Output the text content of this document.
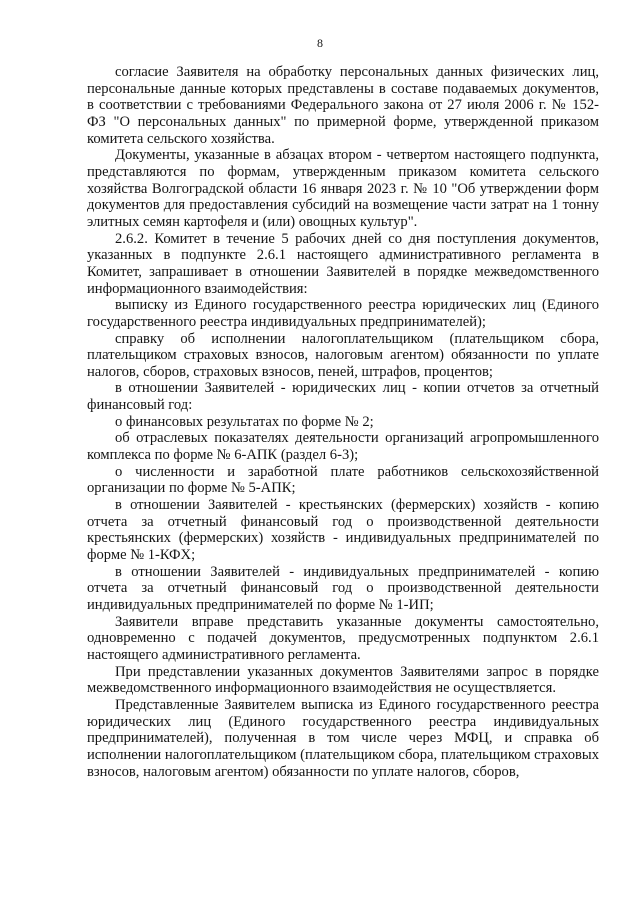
8

согласие Заявителя на обработку персональных данных физических лиц, персональные данные которых представлены в составе подаваемых документов, в соответствии с требованиями Федерального закона от 27 июля 2006 г. № 152-ФЗ "О персональных данных" по примерной форме, утвержденной приказом комитета сельского хозяйства.

Документы, указанные в абзацах втором - четвертом настоящего подпункта, представляются по формам, утвержденным приказом комитета сельского хозяйства Волгоградской области 16 января 2023 г. № 10 "Об утверждении форм документов для предоставления субсидий на возмещение части затрат на 1 тонну элитных семян картофеля и (или) овощных культур".

2.6.2. Комитет в течение 5 рабочих дней со дня поступления документов, указанных в подпункте 2.6.1 настоящего административного регламента в Комитет, запрашивает в отношении Заявителей в порядке межведомственного информационного взаимодействия:

выписку из Единого государственного реестра юридических лиц (Единого государственного реестра индивидуальных предпринимателей);

справку об исполнении налогоплательщиком (плательщиком сбора, плательщиком страховых взносов, налоговым агентом) обязанности по уплате налогов, сборов, страховых взносов, пеней, штрафов, процентов;

в отношении Заявителей - юридических лиц - копии отчетов за отчетный финансовый год:

о финансовых результатах по форме № 2;

об отраслевых показателях деятельности организаций агропромышленного комплекса по форме № 6-АПК (раздел 6-3);

о численности и заработной плате работников сельскохозяйственной организации по форме № 5-АПК;

в отношении Заявителей - крестьянских (фермерских) хозяйств - копию отчета за отчетный финансовый год о производственной деятельности крестьянских (фермерских) хозяйств - индивидуальных предпринимателей по форме № 1-КФХ;

в отношении Заявителей - индивидуальных предпринимателей - копию отчета за отчетный финансовый год о производственной деятельности индивидуальных предпринимателей по форме № 1-ИП;

Заявители вправе представить указанные документы самостоятельно, одновременно с подачей документов, предусмотренных подпунктом 2.6.1 настоящего административного регламента.

При представлении указанных документов Заявителями запрос в порядке межведомственного информационного взаимодействия не осуществляется.

Представленные Заявителем выписка из Единого государственного реестра юридических лиц (Единого государственного реестра индивидуальных предпринимателей), полученная в том числе через МФЦ, и справка об исполнении налогоплательщиком (плательщиком сбора, плательщиком страховых взносов, налоговым агентом) обязанности по уплате налогов, сборов,
